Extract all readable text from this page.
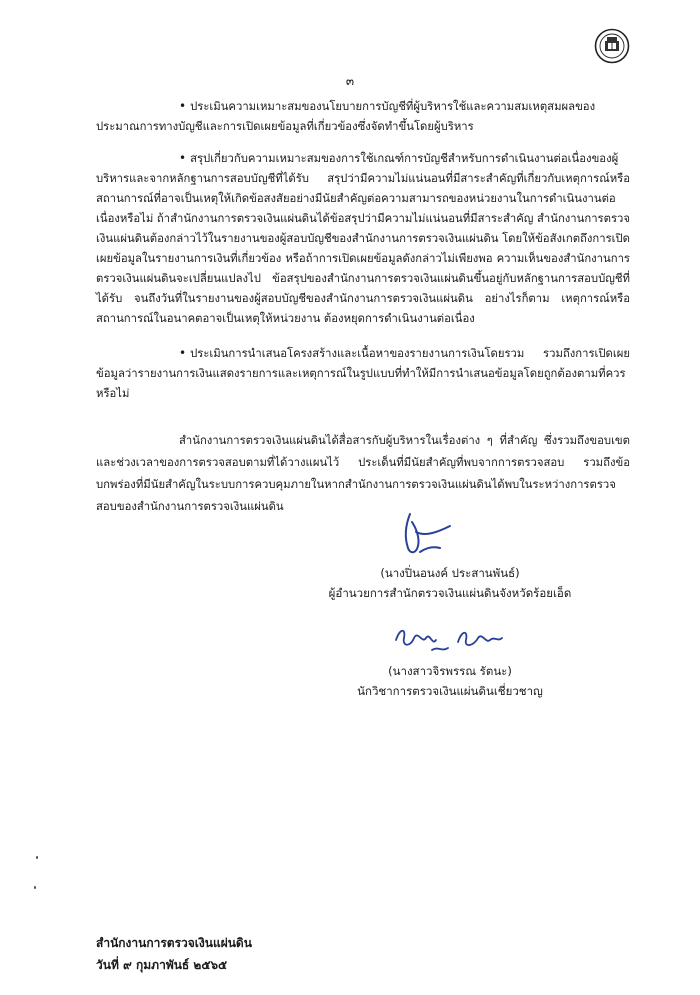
๓
• ประเมินความเหมาะสมของนโยบายการบัญชีที่ผู้บริหารใช้และความสมเหตุสมผลของประมาณการทางบัญชีและการเปิดเผยข้อมูลที่เกี่ยวข้องซึ่งจัดทำขึ้นโดยผู้บริหาร
• สรุปเกี่ยวกับความเหมาะสมของการใช้เกณฑ์การบัญชีสำหรับการดำเนินงานต่อเนื่องของผู้บริหารและจากหลักฐานการสอบบัญชีที่ได้รับ สรุปว่ามีความไม่แน่นอนที่มีสาระสำคัญที่เกี่ยวกับเหตุการณ์หรือสถานการณ์ที่อาจเป็นเหตุให้เกิดข้อสงสัยอย่างมีนัยสำคัญต่อความสามารถของหน่วยงานในการดำเนินงานต่อเนื่องหรือไม่ ถ้าสำนักงานการตรวจเงินแผ่นดินได้ข้อสรุปว่ามีความไม่แน่นอนที่มีสาระสำคัญ สำนักงานการตรวจเงินแผ่นดินต้องกล่าวไว้ในรายงานของผู้สอบบัญชีของสำนักงานการตรวจเงินแผ่นดิน โดยให้ข้อสังเกตถึงการเปิดเผยข้อมูลในรายงานการเงินที่เกี่ยวข้อง หรือถ้าการเปิดเผยข้อมูลดังกล่าวไม่เพียงพอ ความเห็นของสำนักงานการตรวจเงินแผ่นดินจะเปลี่ยนแปลงไป ข้อสรุปของสำนักงานการตรวจเงินแผ่นดินขึ้นอยู่กับหลักฐานการสอบบัญชีที่ได้รับ จนถึงวันที่ในรายงานของผู้สอบบัญชีของสำนักงานการตรวจเงินแผ่นดิน อย่างไรก็ตาม เหตุการณ์หรือสถานการณ์ในอนาคตอาจเป็นเหตุให้หน่วยงาน ต้องหยุดการดำเนินงานต่อเนื่อง
• ประเมินการนำเสนอโครงสร้างและเนื้อหาของรายงานการเงินโดยรวม รวมถึงการเปิดเผยข้อมูลว่ารายงานการเงินแสดงรายการและเหตุการณ์ในรูปแบบที่ทำให้มีการนำเสนอข้อมูลโดยถูกต้องตามที่ควรหรือไม่
สำนักงานการตรวจเงินแผ่นดินได้สื่อสารกับผู้บริหารในเรื่องต่าง ๆ ที่สำคัญ ซึ่งรวมถึงขอบเขตและช่วงเวลาของการตรวจสอบตามที่ได้วางแผนไว้ ประเด็นที่มีนัยสำคัญที่พบจากการตรวจสอบ รวมถึงข้อบกพร่องที่มีนัยสำคัญในระบบการควบคุมภายในหากสำนักงานการตรวจเงินแผ่นดินได้พบในระหว่างการตรวจสอบของสำนักงานการตรวจเงินแผ่นดิน
(นางปิ่นอนงค์ ประสานพันธ์)
ผู้อำนวยการสำนักตรวจเงินแผ่นดินจังหวัดร้อยเอ็ด
(นางสาวจิรพรรณ รัตนะ)
นักวิชาการตรวจเงินแผ่นดินเชี่ยวชาญ
สำนักงานการตรวจเงินแผ่นดิน
วันที่ ๙ กุมภาพันธ์ ๒๕๖๕
